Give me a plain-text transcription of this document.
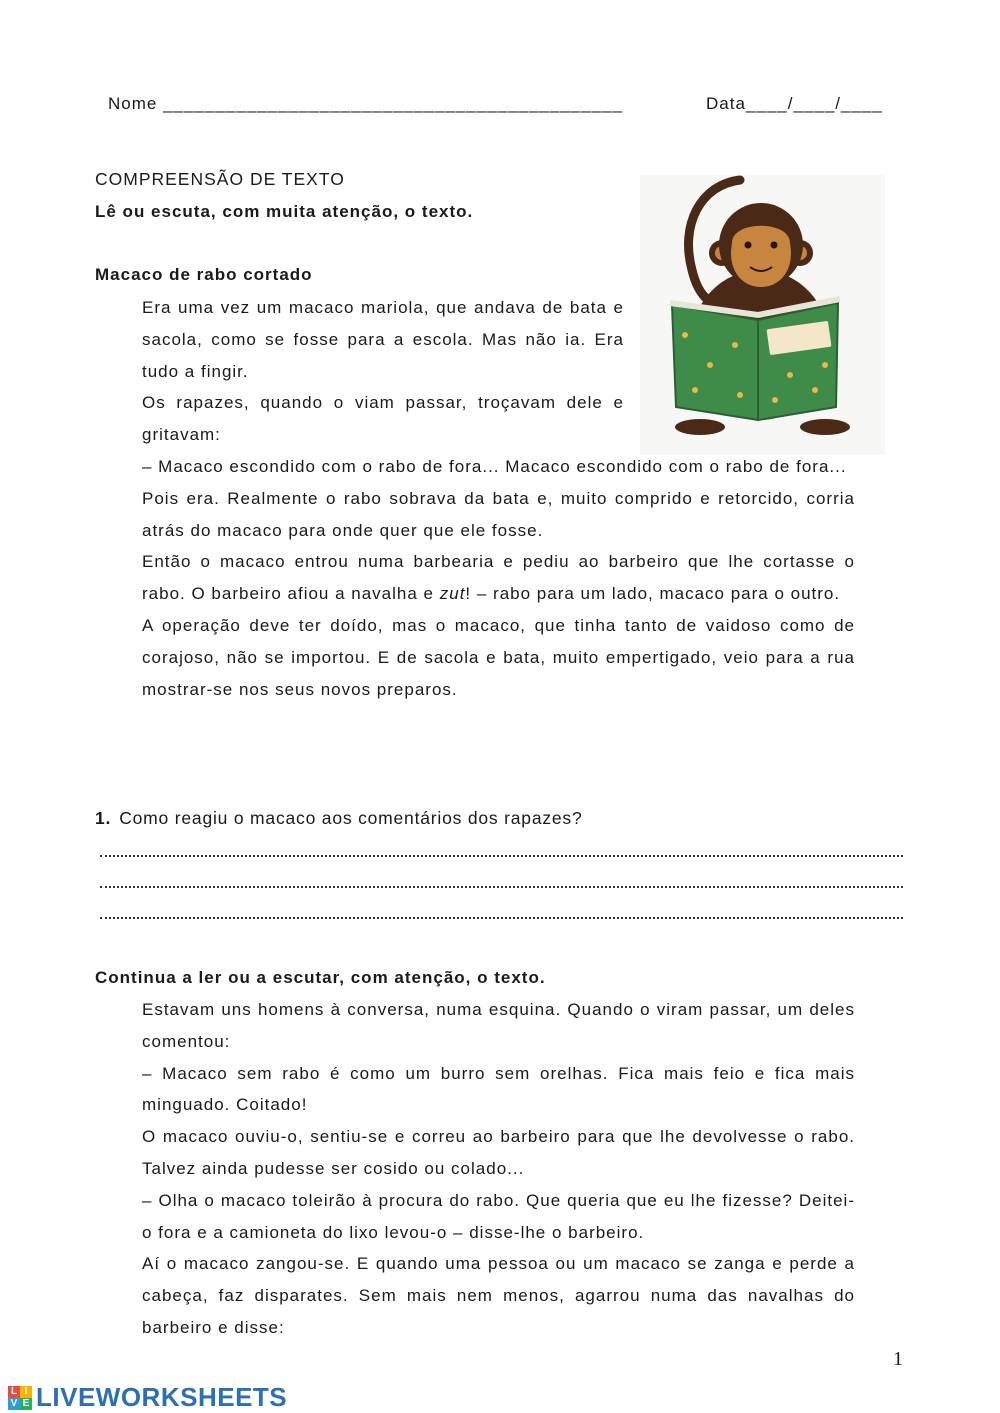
Nome ____________________________________________	Data____/____/____
COMPREENSÃO DE TEXTO
Lê ou escuta, com muita atenção, o texto.
Macaco de rabo cortado

Era uma vez um macaco mariola, que andava de bata e sacola, como se fosse para a escola. Mas não ia. Era tudo a fingir.

Os rapazes, quando o viam passar, troçavam dele e gritavam:

– Macaco escondido com o rabo de fora... Macaco escondido com o rabo de fora...

Pois era. Realmente o rabo sobrava da bata e, muito comprido e retorcido, corria atrás do macaco para onde quer que ele fosse.

Então o macaco entrou numa barbearia e pediu ao barbeiro que lhe cortasse o rabo. O barbeiro afiou a navalha e zut! – rabo para um lado, macaco para o outro.

A operação deve ter doído, mas o macaco, que tinha tanto de vaidoso como de corajoso, não se importou. E de sacola e bata, muito empertigado, veio para a rua mostrar-se nos seus novos preparos.

1. Como reagiu o macaco aos comentários dos rapazes?
Continua a ler ou a escutar, com atenção, o texto.

Estavam uns homens à conversa, numa esquina. Quando o viram passar, um deles comentou:

– Macaco sem rabo é como um burro sem orelhas. Fica mais feio e fica mais minguado. Coitado!

O macaco ouviu-o, sentiu-se e correu ao barbeiro para que lhe devolvesse o rabo. Talvez ainda pudesse ser cosido ou colado...

– Olha o macaco toleirão à procura do rabo. Que queria que eu lhe fizesse? Deitei-o fora e a camioneta do lixo levou-o – disse-lhe o barbeiro.

Aí o macaco zangou-se. E quando uma pessoa ou um macaco se zanga e perde a cabeça, faz disparates. Sem mais nem menos, agarrou numa das navalhas do barbeiro e disse:

1
L I
V E LIVEWORKSHEETS
